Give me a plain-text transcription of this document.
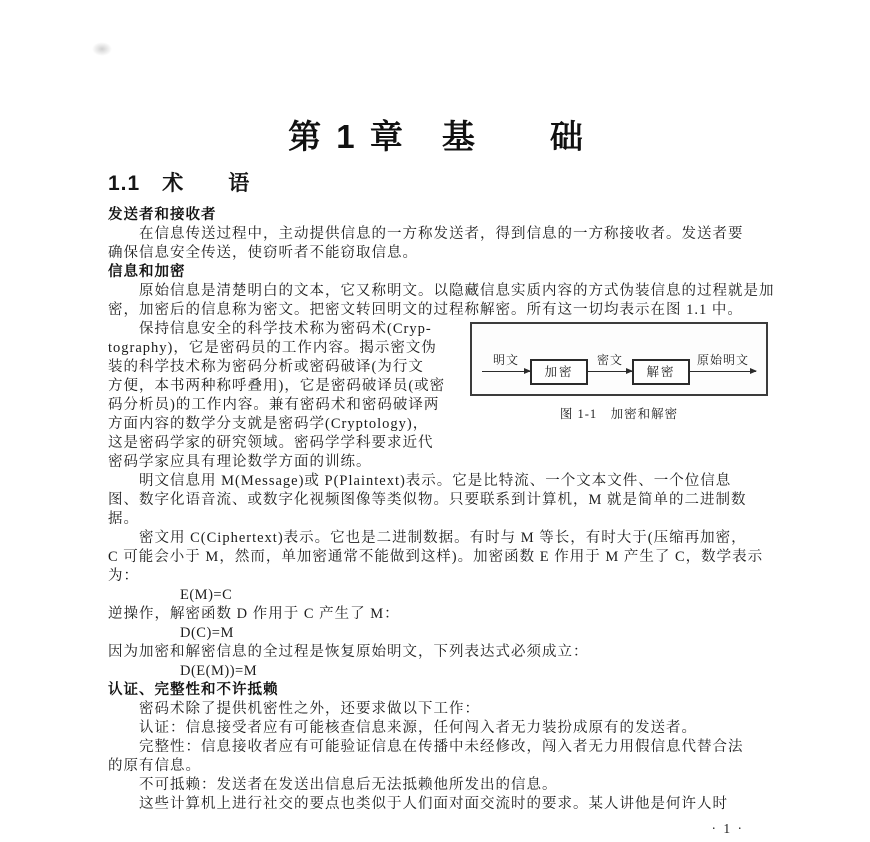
第 1 章　基　　础
1.1　术　　语
发送者和接收者
　　在信息传送过程中，主动提供信息的一方称发送者，得到信息的一方称接收者。发送者要
确保信息安全传送，使窃听者不能窃取信息。
信息和加密
　　原始信息是清楚明白的文本，它又称明文。以隐藏信息实质内容的方式伪装信息的过程就是加
密，加密后的信息称为密文。把密文转回明文的过程称解密。所有这一切均表示在图 1.1 中。
　　保持信息安全的科学技术称为密码术(Cryp-
tography)，它是密码员的工作内容。揭示密文伪
装的科学技术称为密码分析或密码破译(为行文
方便，本书两种称呼叠用)，它是密码破译员(或密
码分析员)的工作内容。兼有密码术和密码破译两
方面内容的数学分支就是密码学(Cryptology)，
这是密码学家的研究领域。密码学学科要求近代
密码学家应具有理论数学方面的训练。
明文
加密
密文
解密
原始明文
图 1-1　加密和解密
　　明文信息用 M(Message)或 P(Plaintext)表示。它是比特流、一个文本文件、一个位信息
图、数字化语音流、或数字化视频图像等类似物。只要联系到计算机，M 就是简单的二进制数
据。
　　密文用 C(Ciphertext)表示。它也是二进制数据。有时与 M 等长，有时大于(压缩再加密，
C 可能会小于 M，然而，单加密通常不能做到这样)。加密函数 E 作用于 M 产生了 C，数学表示
为：
E(M)=C
逆操作，解密函数 D 作用于 C 产生了 M：
D(C)=M
因为加密和解密信息的全过程是恢复原始明文，下列表达式必须成立：
D(E(M))=M
认证、完整性和不许抵赖
　　密码术除了提供机密性之外，还要求做以下工作：
　　认证：信息接受者应有可能核查信息来源，任何闯入者无力装扮成原有的发送者。
　　完整性：信息接收者应有可能验证信息在传播中未经修改，闯入者无力用假信息代替合法
的原有信息。
　　不可抵赖：发送者在发送出信息后无法抵赖他所发出的信息。
　　这些计算机上进行社交的要点也类似于人们面对面交流时的要求。某人讲他是何许人时
· 1 ·
